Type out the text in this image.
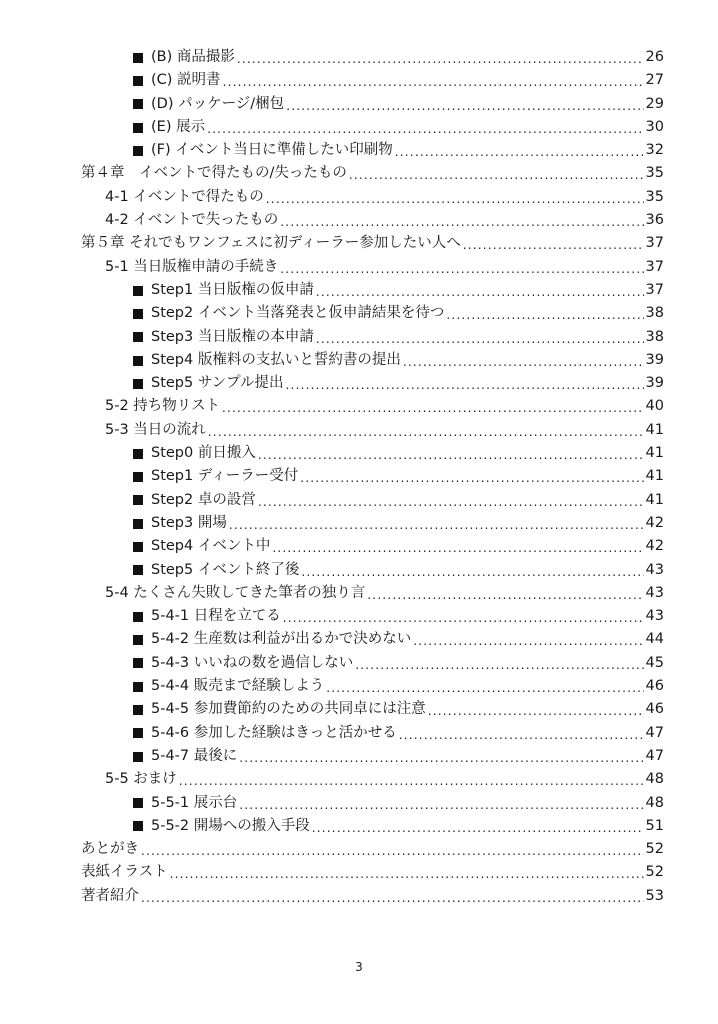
(B) 商品撮影 .....	26
(C) 説明書 .....	27
(D) パッケージ/梱包 .....	29
(E) 展示 .....	30
(F) イベント当日に準備したい印刷物 .....	32
第４章　イベントで得たもの/失ったもの .....	35
4-1 イベントで得たもの .....	35
4-2 イベントで失ったもの .....	36
第５章 それでもワンフェスに初ディーラー参加したい人へ .....	37
5-1 当日版権申請の手続き .....	37
Step1 当日版権の仮申請 .....	37
Step2 イベント当落発表と仮申請結果を待つ .....	38
Step3 当日版権の本申請 .....	38
Step4 版権料の支払いと誓約書の提出 .....	39
Step5 サンプル提出 .....	39
5-2 持ち物リスト .....	40
5-3 当日の流れ .....	41
Step0 前日搬入 .....	41
Step1 ディーラー受付 .....	41
Step2 卓の設営 .....	41
Step3 開場 .....	42
Step4 イベント中 .....	42
Step5 イベント終了後 .....	43
5-4 たくさん失敗してきた筆者の独り言 .....	43
5-4-1 日程を立てる .....	43
5-4-2 生産数は利益が出るかで決めない .....	44
5-4-3 いいねの数を過信しない .....	45
5-4-4 販売まで経験しよう .....	46
5-4-5 参加費節約のための共同卓には注意 .....	46
5-4-6 参加した経験はきっと活かせる .....	47
5-4-7 最後に .....	47
5-5 おまけ .....	48
5-5-1 展示台 .....	48
5-5-2 開場への搬入手段 .....	51
あとがき .....	52
表紙イラスト .....	52
著者紹介 .....	53
3
